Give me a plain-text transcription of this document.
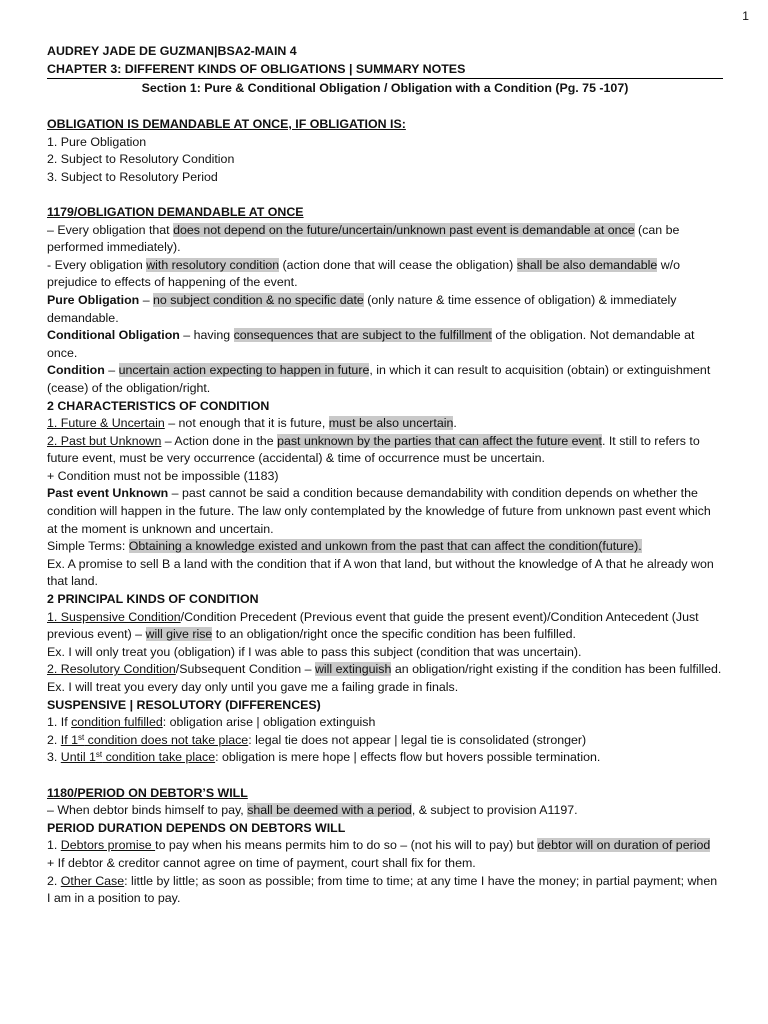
1
AUDREY JADE DE GUZMAN|BSA2-MAIN 4
CHAPTER 3: DIFFERENT KINDS OF OBLIGATIONS | SUMMARY NOTES
Section 1: Pure & Conditional Obligation / Obligation with a Condition (Pg. 75 -107)

OBLIGATION IS DEMANDABLE AT ONCE, IF OBLIGATION IS:

1. Pure Obligation

2. Subject to Resolutory Condition

3. Subject to Resolutory Period

1179/OBLIGATION DEMANDABLE AT ONCE

– Every obligation that does not depend on the future/uncertain/unknown past event is demandable at once (can be performed immediately).

- Every obligation with resolutory condition (action done that will cease the obligation) shall be also demandable w/o prejudice to effects of happening of the event.

Pure Obligation – no subject condition & no specific date (only nature & time essence of obligation) & immediately demandable.

Conditional Obligation – having consequences that are subject to the fulfillment of the obligation. Not demandable at once.

Condition – uncertain action expecting to happen in future, in which it can result to acquisition (obtain) or extinguishment (cease) of the obligation/right.

2 CHARACTERISTICS OF CONDITION

1. Future & Uncertain – not enough that it is future, must be also uncertain.

2. Past but Unknown – Action done in the past unknown by the parties that can affect the future event. It still to refers to future event, must be very occurrence (accidental) & time of occurrence must be uncertain.

+ Condition must not be impossible (1183)

Past event Unknown – past cannot be said a condition because demandability with condition depends on whether the condition will happen in the future. The law only contemplated by the knowledge of future from unknown past event which at the moment is unknown and uncertain.

Simple Terms: Obtaining a knowledge existed and unkown from the past that can affect the condition(future).

Ex. A promise to sell B a land with the condition that if A won that land, but without the knowledge of A that he already won that land.

2 PRINCIPAL KINDS OF CONDITION

1. Suspensive Condition/Condition Precedent (Previous event that guide the present event)/Condition Antecedent (Just previous event) – will give rise to an obligation/right once the specific condition has been fulfilled.

Ex. I will only treat you (obligation) if I was able to pass this subject (condition that was uncertain).

2. Resolutory Condition/Subsequent Condition – will extinguish an obligation/right existing if the condition has been fulfilled. Ex. I will treat you every day only until you gave me a failing grade in finals.

SUSPENSIVE | RESOLUTORY (DIFFERENCES)

1. If condition fulfilled: obligation arise | obligation extinguish

2. If 1st condition does not take place: legal tie does not appear | legal tie is consolidated (stronger)

3. Until 1st condition take place: obligation is mere hope | effects flow but hovers possible termination.

1180/PERIOD ON DEBTOR’S WILL

– When debtor binds himself to pay, shall be deemed with a period, & subject to provision A1197.

PERIOD DURATION DEPENDS ON DEBTORS WILL

1. Debtors promise to pay when his means permits him to do so – (not his will to pay) but debtor will on duration of period

+ If debtor & creditor cannot agree on time of payment, court shall fix for them.

2. Other Case: little by little; as soon as possible; from time to time; at any time I have the money; in partial payment; when I am in a position to pay.
